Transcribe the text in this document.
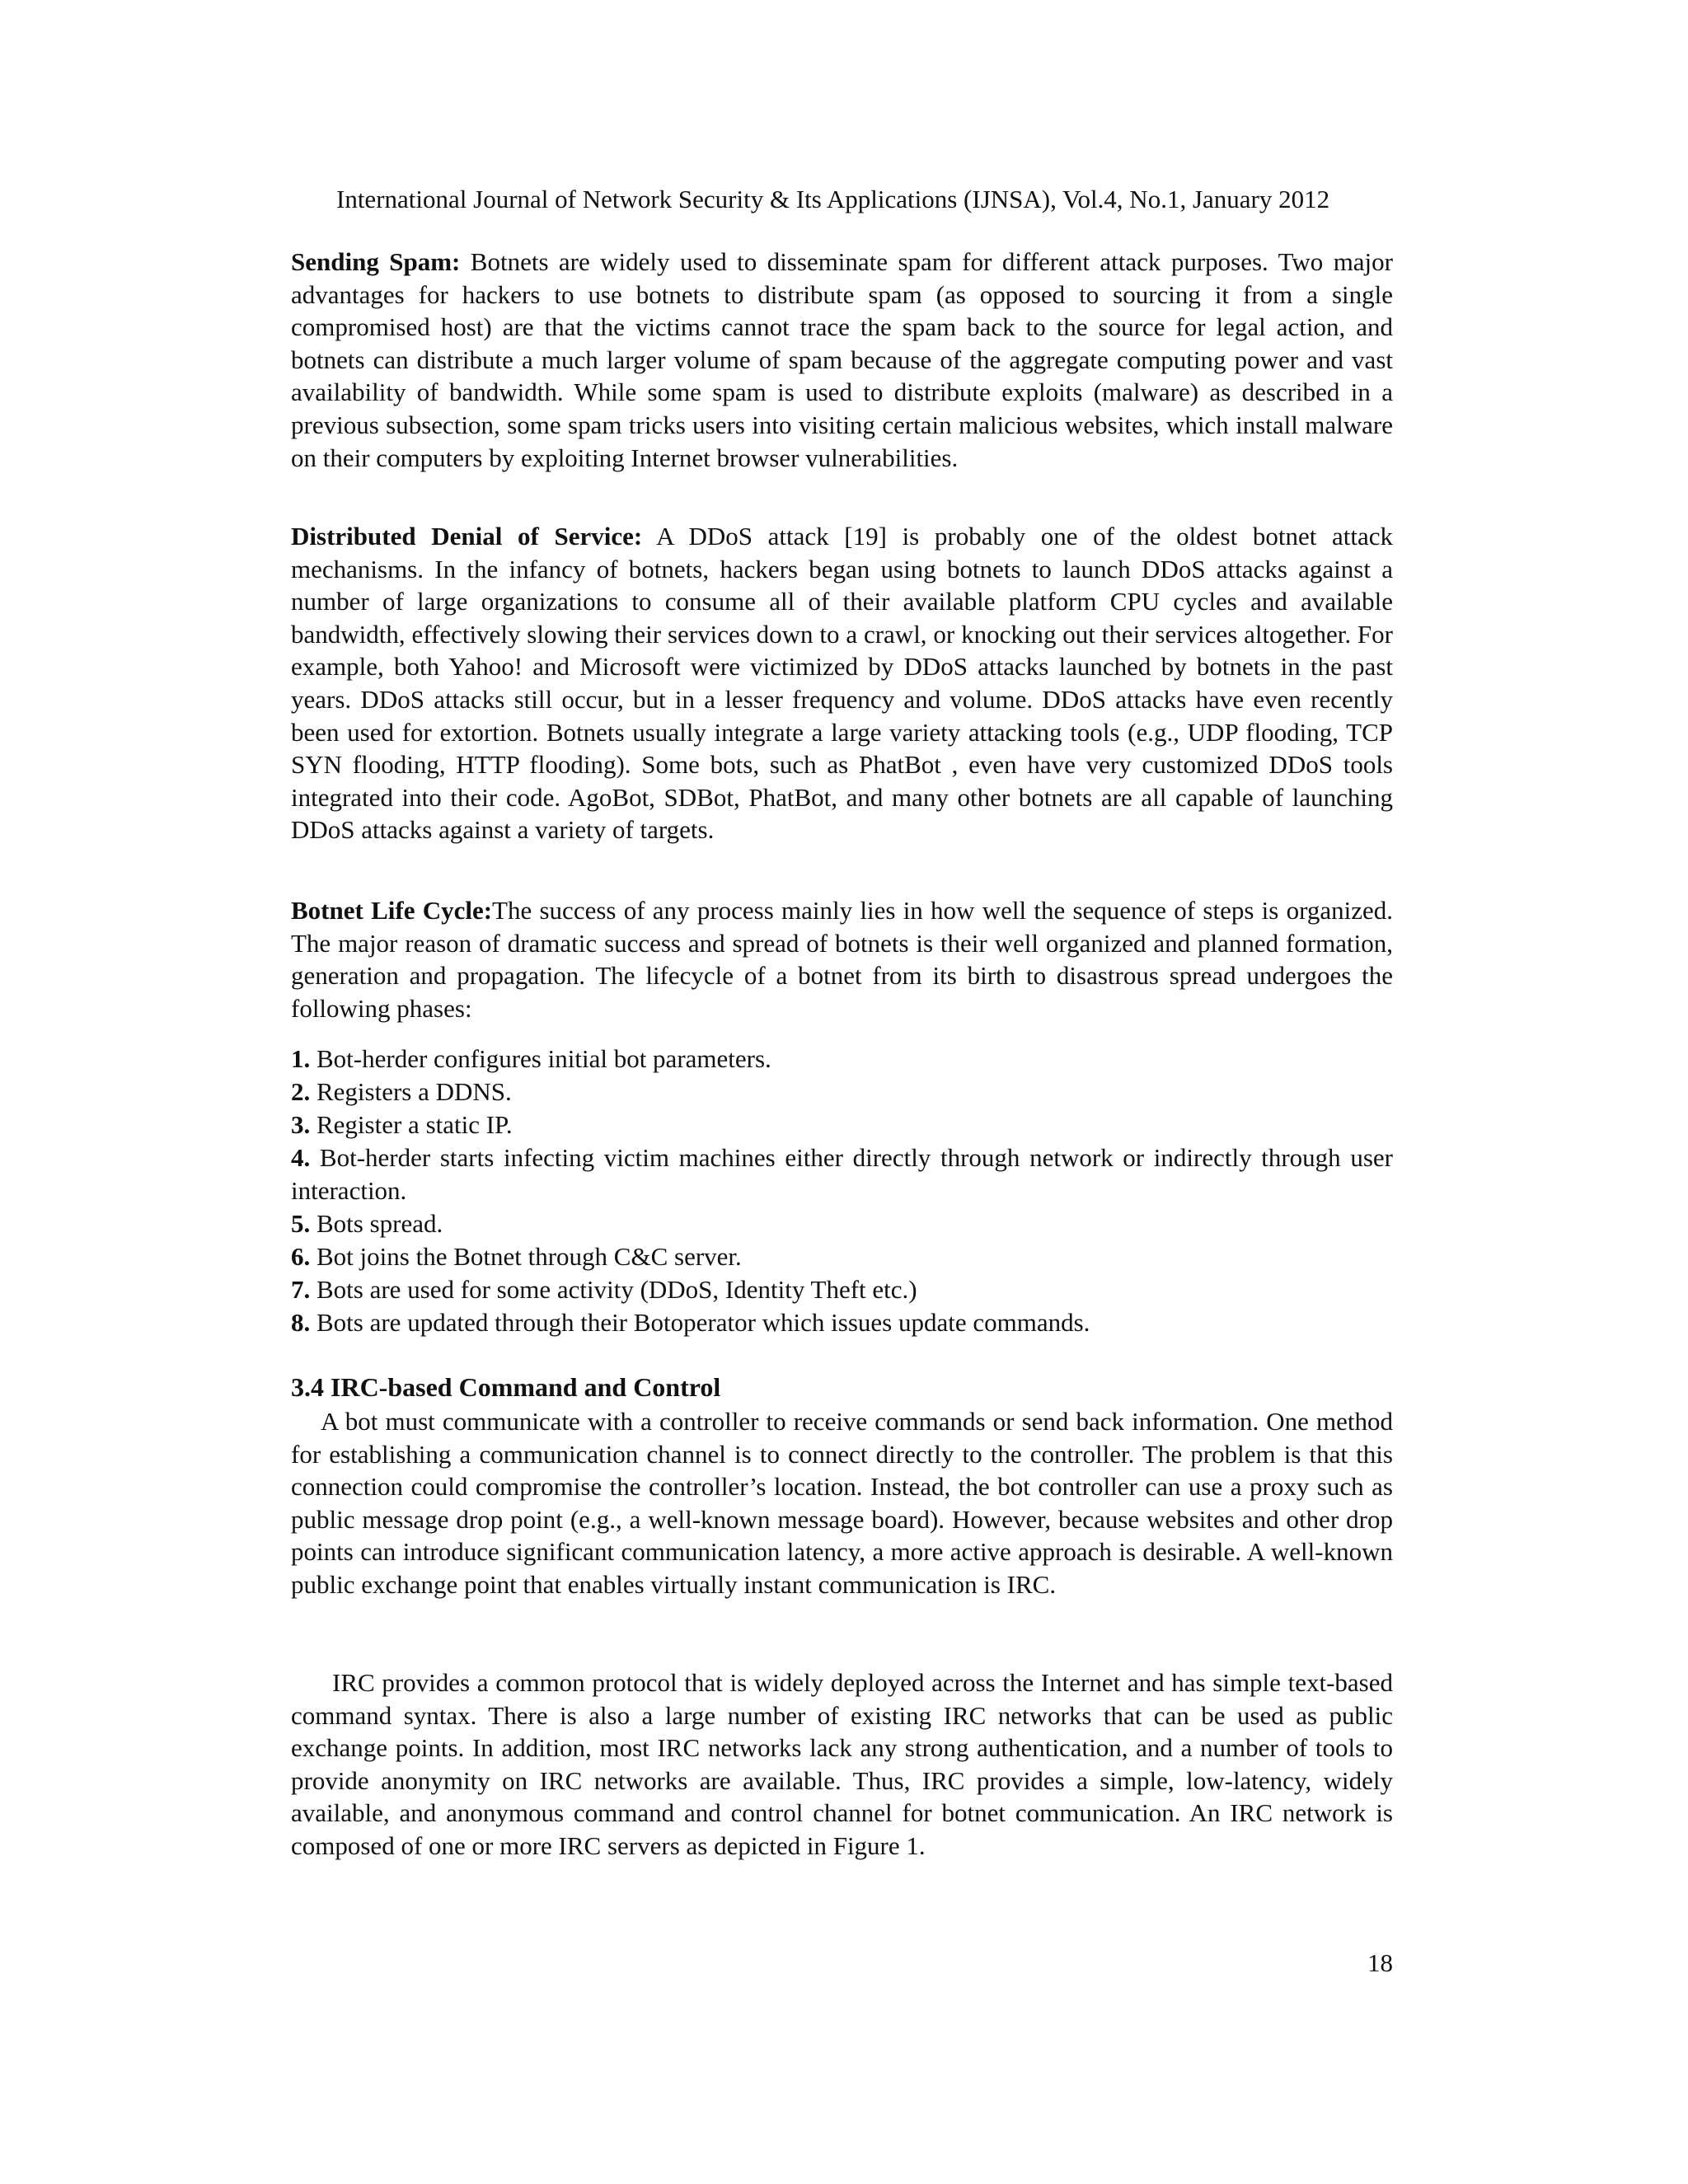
International Journal of Network Security & Its Applications (IJNSA), Vol.4, No.1, January 2012

Sending Spam: Botnets are widely used to disseminate spam for different attack purposes. Two major advantages for hackers to use botnets to distribute spam (as opposed to sourcing it from a single compromised host) are that the victims cannot trace the spam back to the source for legal action, and botnets can distribute a much larger volume of spam because of the aggregate computing power and vast availability of bandwidth. While some spam is used to distribute exploits (malware) as described in a previous subsection, some spam tricks users into visiting certain malicious websites, which install malware on their computers by exploiting Internet browser vulnerabilities.

Distributed Denial of Service: A DDoS attack [19] is probably one of the oldest botnet attack mechanisms. In the infancy of botnets, hackers began using botnets to launch DDoS attacks against a number of large organizations to consume all of their available platform CPU cycles and available bandwidth, effectively slowing their services down to a crawl, or knocking out their services altogether. For example, both Yahoo! and Microsoft were victimized by DDoS attacks launched by botnets in the past years. DDoS attacks still occur, but in a lesser frequency and volume. DDoS attacks have even recently been used for extortion. Botnets usually integrate a large variety attacking tools (e.g., UDP flooding, TCP SYN flooding, HTTP flooding). Some bots, such as PhatBot , even have very customized DDoS tools integrated into their code. AgoBot, SDBot, PhatBot, and many other botnets are all capable of launching DDoS attacks against a variety of targets.

Botnet Life Cycle:The success of any process mainly lies in how well the sequence of steps is organized. The major reason of dramatic success and spread of botnets is their well organized and planned formation, generation and propagation. The lifecycle of a botnet from its birth to disastrous spread undergoes the following phases:

1. Bot-herder configures initial bot parameters.
2. Registers a DDNS.
3. Register a static IP.
4. Bot-herder starts infecting victim machines either directly through network or indirectly through user interaction.
5. Bots spread.
6. Bot joins the Botnet through C&C server.
7. Bots are used for some activity (DDoS, Identity Theft etc.)
8. Bots are updated through their Botoperator which issues update commands.
3.4 IRC-based Command and Control

A bot must communicate with a controller to receive commands or send back information. One method for establishing a communication channel is to connect directly to the controller. The problem is that this connection could compromise the controller’s location. Instead, the bot controller can use a proxy such as public message drop point (e.g., a well-known message board). However, because websites and other drop points can introduce significant communication latency, a more active approach is desirable. A well-known public exchange point that enables virtually instant communication is IRC.

IRC provides a common protocol that is widely deployed across the Internet and has simple text-based command syntax. There is also a large number of existing IRC networks that can be used as public exchange points. In addition, most IRC networks lack any strong authentication, and a number of tools to provide anonymity on IRC networks are available. Thus, IRC provides a simple, low-latency, widely available, and anonymous command and control channel for botnet communication. An IRC network is composed of one or more IRC servers as depicted in Figure 1.

18
